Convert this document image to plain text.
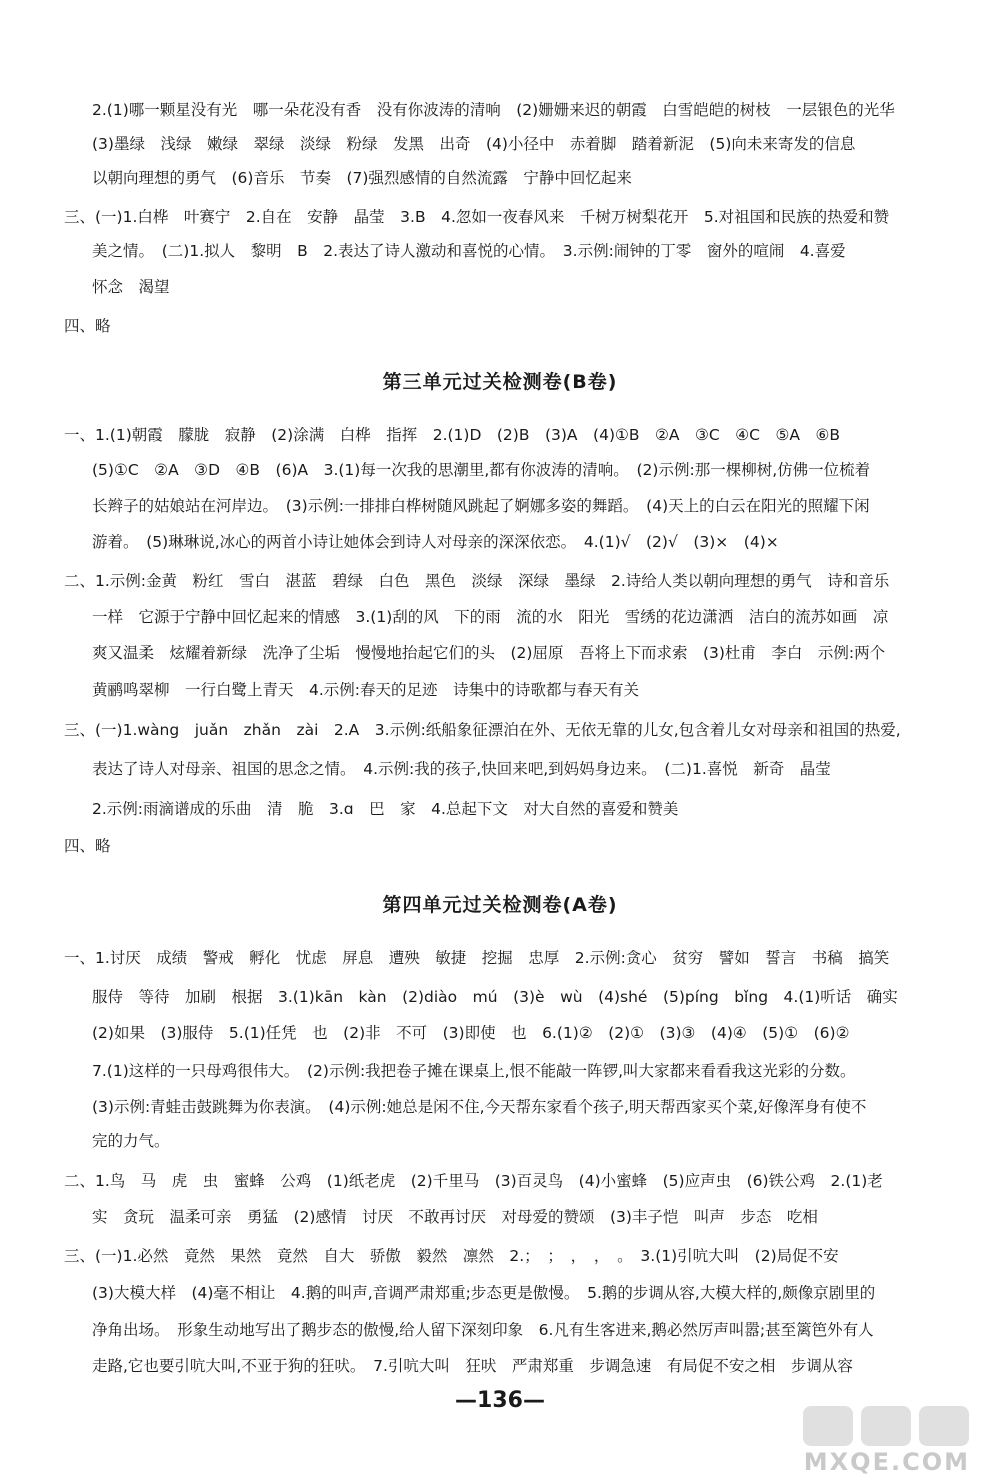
2.(1)哪一颗星没有光　哪一朵花没有香　没有你波涛的清响　(2)姗姗来迟的朝霞　白雪皑皑的树枝　一层银色的光华
(3)墨绿　浅绿　嫩绿　翠绿　淡绿　粉绿　发黑　出奇　(4)小径中　赤着脚　踏着新泥　(5)向未来寄发的信息
以朝向理想的勇气　(6)音乐　节奏　(7)强烈感情的自然流露　宁静中回忆起来
三、(一)1.白桦　叶赛宁　2.自在　安静　晶莹　3.B　4.忽如一夜春风来　千树万树梨花开　5.对祖国和民族的热爱和赞
美之情。　(二)1.拟人　黎明　B　2.表达了诗人激动和喜悦的心情。　3.示例:闹钟的丁零　窗外的喧闹　4.喜爱
怀念　渴望
四、略
第三单元过关检测卷(B卷)
一、1.(1)朝霞　朦胧　寂静　(2)涂满　白桦　指挥　2.(1)D　(2)B　(3)A　(4)①B　②A　③C　④C　⑤A　⑥B
(5)①C　②A　③D　④B　(6)A　3.(1)每一次我的思潮里,都有你波涛的清响。　(2)示例:那一棵柳树,仿佛一位梳着
长辫子的姑娘站在河岸边。　(3)示例:一排排白桦树随风跳起了婀娜多姿的舞蹈。　(4)天上的白云在阳光的照耀下闲
游着。　(5)琳琳说,冰心的两首小诗让她体会到诗人对母亲的深深依恋。　4.(1)√　(2)√　(3)×　(4)×
二、1.示例:金黄　粉红　雪白　湛蓝　碧绿　白色　黑色　淡绿　深绿　墨绿　2.诗给人类以朝向理想的勇气　诗和音乐
一样　它源于宁静中回忆起来的情感　3.(1)刮的风　下的雨　流的水　阳光　雪绣的花边潇洒　洁白的流苏如画　凉
爽又温柔　炫耀着新绿　洗净了尘垢　慢慢地抬起它们的头　(2)屈原　吾将上下而求索　(3)杜甫　李白　示例:两个
黄鹂鸣翠柳　一行白鹭上青天　4.示例:春天的足迹　诗集中的诗歌都与春天有关
三、(一)1.wàng　juǎn　zhǎn　zài　2.A　3.示例:纸船象征漂泊在外、无依无靠的儿女,包含着儿女对母亲和祖国的热爱,
表达了诗人对母亲、祖国的思念之情。　4.示例:我的孩子,快回来吧,到妈妈身边来。　(二)1.喜悦　新奇　晶莹
2.示例:雨滴谱成的乐曲　清　脆　3.ɑ　巴　家　4.总起下文　对大自然的喜爱和赞美
四、略
第四单元过关检测卷(A卷)
一、1.讨厌　成绩　警戒　孵化　忧虑　屏息　遭殃　敏捷　挖掘　忠厚　2.示例:贪心　贫穷　譬如　誓言　书稿　搞笑
服侍　等待　加刷　根据　3.(1)kān　kàn　(2)diào　mú　(3)è　wù　(4)shé　(5)píng　bǐng　4.(1)听话　确实
(2)如果　(3)服侍　5.(1)任凭　也　(2)非　不可　(3)即使　也　6.(1)②　(2)①　(3)③　(4)④　(5)①　(6)②
7.(1)这样的一只母鸡很伟大。　(2)示例:我把卷子摊在课桌上,恨不能敲一阵锣,叫大家都来看看我这光彩的分数。
(3)示例:青蛙击鼓跳舞为你表演。　(4)示例:她总是闲不住,今天帮东家看个孩子,明天帮西家买个菜,好像浑身有使不
完的力气。
二、1.鸟　马　虎　虫　蜜蜂　公鸡　(1)纸老虎　(2)千里马　(3)百灵鸟　(4)小蜜蜂　(5)应声虫　(6)铁公鸡　2.(1)老
实　贪玩　温柔可亲　勇猛　(2)感情　讨厌　不敢再讨厌　对母爱的赞颂　(3)丰子恺　叫声　步态　吃相
三、(一)1.必然　竟然　果然　竟然　自大　骄傲　毅然　凛然　2.；　；　，　，　。　3.(1)引吭大叫　(2)局促不安
(3)大模大样　(4)毫不相让　4.鹅的叫声,音调严肃郑重;步态更是傲慢。　5.鹅的步调从容,大模大样的,颇像京剧里的
净角出场。　形象生动地写出了鹅步态的傲慢,给人留下深刻印象　6.凡有生客进来,鹅必然厉声叫嚣;甚至篱笆外有人
走路,它也要引吭大叫,不亚于狗的狂吠。　7.引吭大叫　狂吠　严肃郑重　步调急速　有局促不安之相　步调从容
—136—
MXQE.COM
